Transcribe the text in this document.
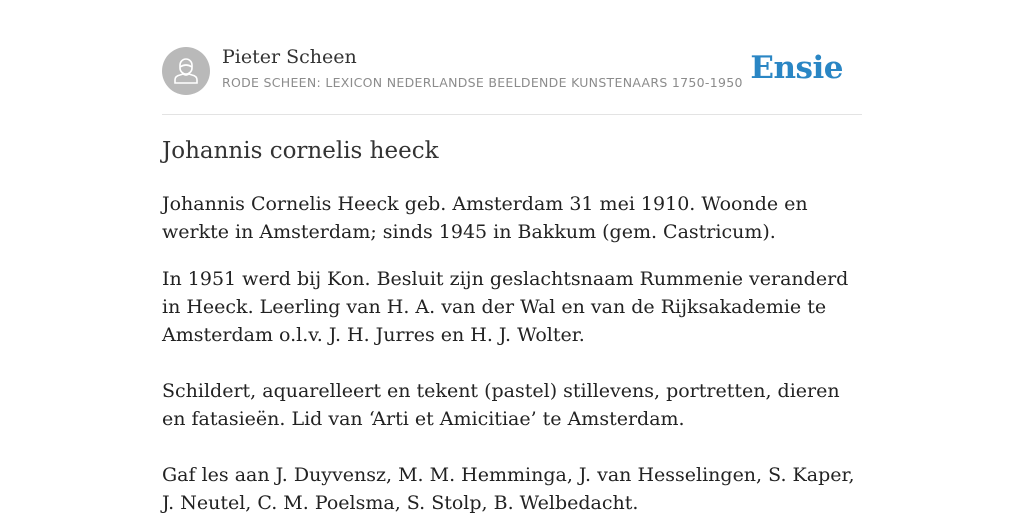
Pieter Scheen
RODE SCHEEN: LEXICON NEDERLANDSE BEELDENDE KUNSTENAARS 1750-1950 Ensie
Johannis cornelis heeck

Johannis Cornelis Heeck geb. Amsterdam 31 mei 1910. Woonde en werkte in Amsterdam; sinds 1945 in Bakkum (gem. Castricum).

In 1951 werd bij Kon. Besluit zijn geslachtsnaam Rummenie veranderd in Heeck. Leerling van H. A. van der Wal en van de Rijksakademie te Amsterdam o.l.v. J. H. Jurres en H. J. Wolter.

Schildert, aquarelleert en tekent (pastel) stillevens, portretten, dieren en fatasieën. Lid van ‘Arti et Amicitiae’ te Amsterdam.

Gaf les aan J. Duyvensz, M. M. Hemminga, J. van Hesselingen, S. Kaper, J. Neutel, C. M. Poelsma, S. Stolp, B. Welbedacht.
